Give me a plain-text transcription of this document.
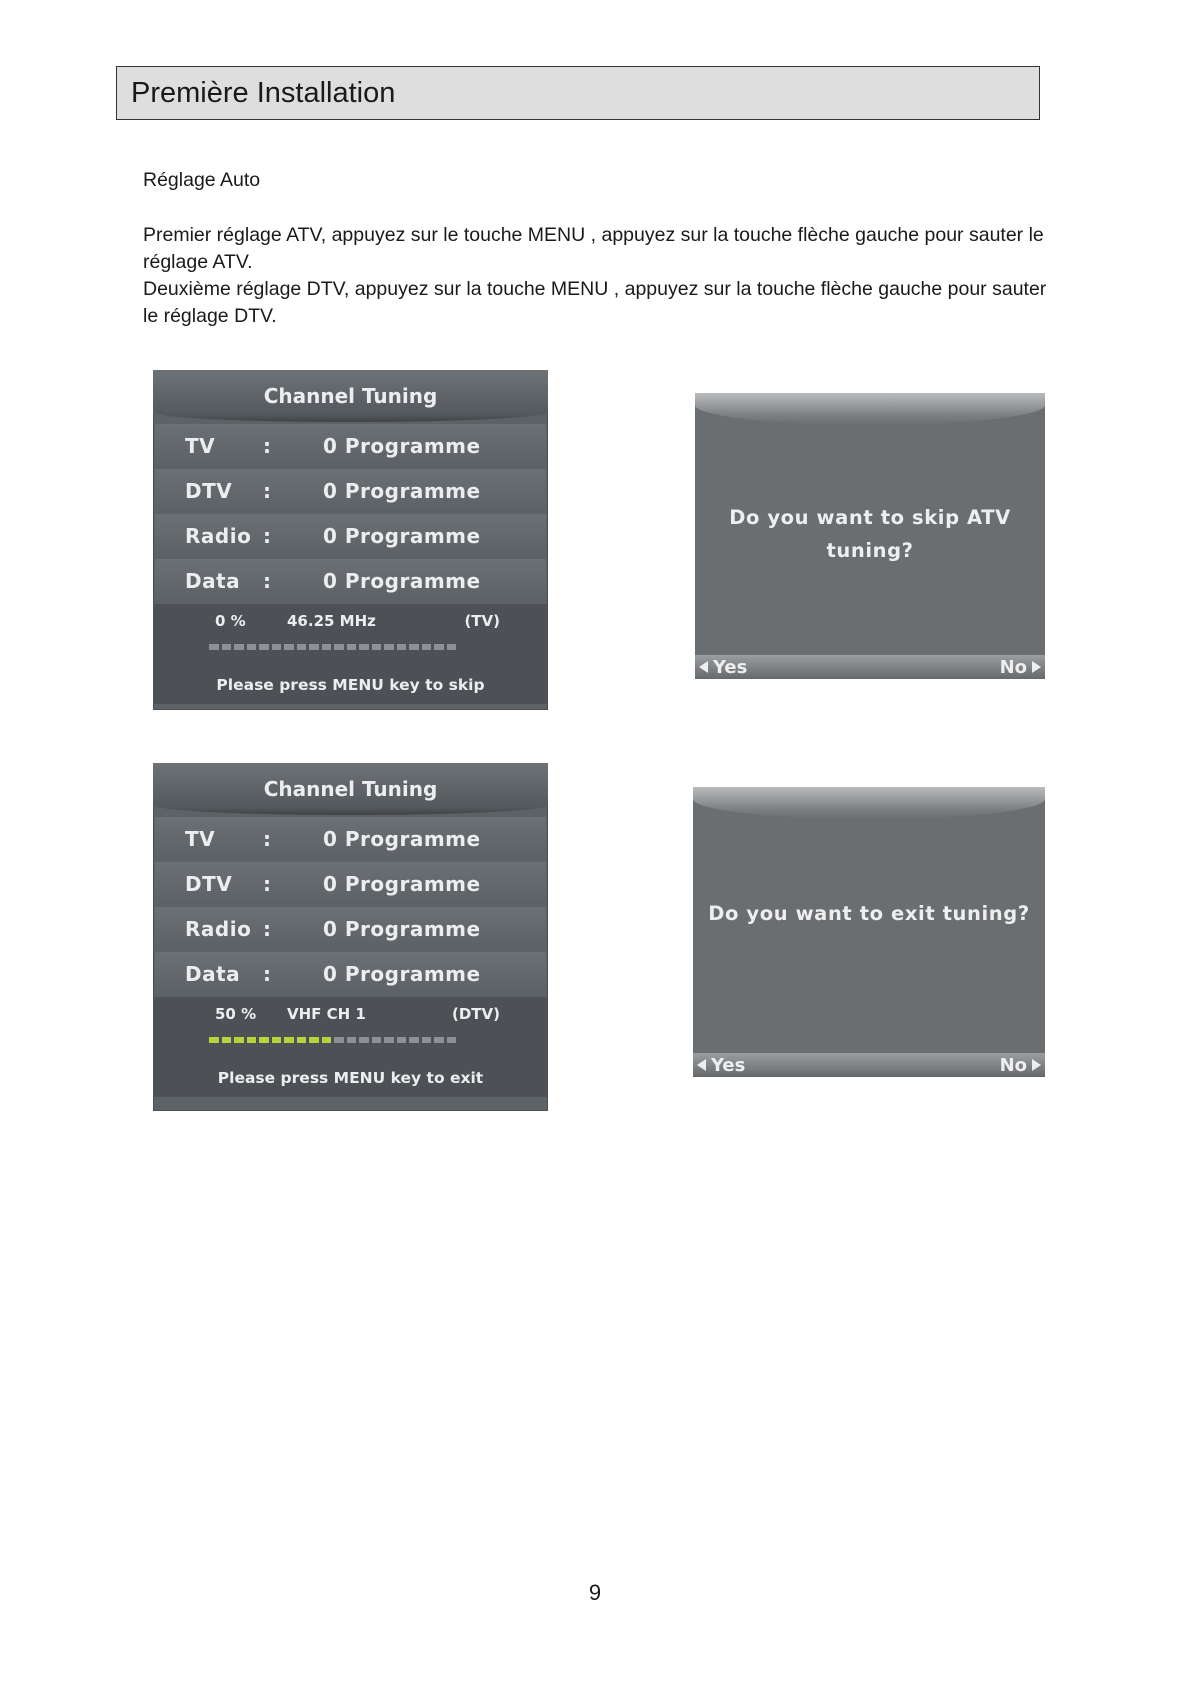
Première Installation
Réglage Auto

Premier réglage ATV, appuyez sur le touche MENU , appuyez sur la touche flèche gauche pour sauter le réglage ATV.

Deuxième réglage DTV, appuyez sur la touche MENU , appuyez sur la touche flèche gauche pour sauter le réglage DTV.

Channel Tuning
TV	:	0 Programme
DTV	:	0 Programme
Radio :	0 Programme
Data	:	0 Programme
0 %	46.25 MHz	(TV)
Please press MENU key to skip
Do you want to skip ATV
tuning?
Yes	No
Channel Tuning
TV	:	0 Programme
DTV	:	0 Programme
Radio :	0 Programme
Data	:	0 Programme
50 % VHF CH 1	(DTV)
Please press MENU key to exit
Do you want to exit tuning?
Yes	No
9
